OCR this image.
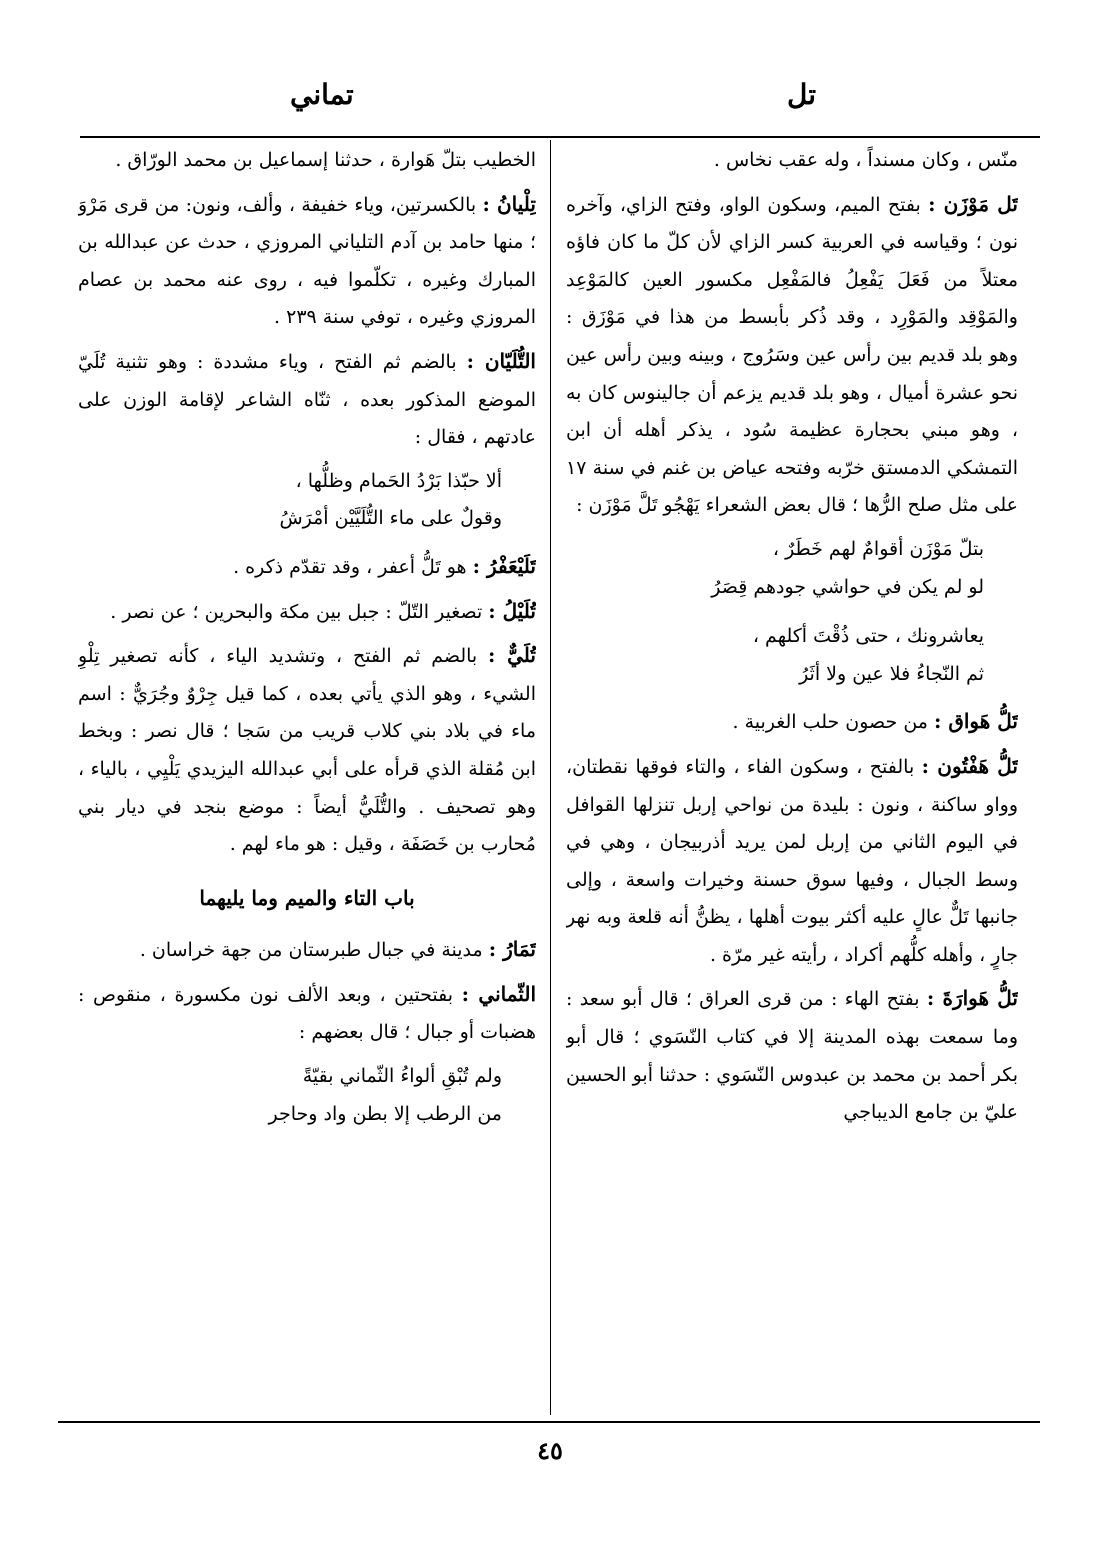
تل
تماني

منّس ، وكان مسنداً ، وله عقب نخاس .

تَل مَوْزَن : بفتح الميم، وسكون الواو، وفتح الزاي، وآخره نون ؛ وقياسه في العربية كسر الزاي لأن كلّ ما كان فاؤه معتلاً من فَعَلَ يَفْعِلُ فالمَفْعِل مكسور العين كالمَوْعِد والمَوْقِد والمَوْرِد ، وقد ذُكر بأبسط من هذا في مَوْزَق : وهو بلد قديم بين رأس عين وسَرُوج ، وبينه وبين رأس عين نحو عشرة أميال ، وهو بلد قديم يزعم أن جالينوس كان به ، وهو مبني بحجارة عظيمة سُود ، يذكر أهله أن ابن التمشكي الدمستق خرّبه وفتحه عياض بن غنم في سنة ١٧ على مثل صلح الرُّها ؛ قال بعض الشعراء يَهْجُو تَلَّ مَوْزَن :

بتلّ مَوْزَن أقوامٌ لهم خَطَرٌ ،

لو لم يكن في حواشي جودهم قِصَرُ

يعاشرونك ، حتى ذُقْتَ أكلهم ،

ثم النّجاءُ فلا عين ولا أثَرُ

تَلُّ هَواق : من حصون حلب الغربية .

تَلُّ هَفْتُون : بالفتح ، وسكون الفاء ، والتاء فوقها نقطتان، وواو ساكنة ، ونون : بليدة من نواحي إربل تنزلها القوافل في اليوم الثاني من إربل لمن يريد أذربيجان ، وهي في وسط الجبال ، وفيها سوق حسنة وخيرات واسعة ، وإلى جانبها تَلٌّ عالٍ عليه أكثر بيوت أهلها ، يظنُّ أنه قلعة وبه نهر جارٍ ، وأهله كلُّهم أكراد ، رأيته غير مرّة .

تَلُّ هَوارَةَ : بفتح الهاء : من قرى العراق ؛ قال أبو سعد : وما سمعت بهذه المدينة إلا في كتاب النّسَوي ؛ قال أبو بكر أحمد بن محمد بن عبدوس النّسَوي : حدثنا أبو الحسين عليّ بن جامع الديباجي

الخطيب بتلّ هَوارة ، حدثنا إسماعيل بن محمد الورّاق .

تِلْيانُ : بالكسرتين، وياء خفيفة ، وألف، ونون: من قرى مَرْوَ ؛ منها حامد بن آدم التلياني المروزي ، حدث عن عبدالله بن المبارك وغيره ، تكلّموا فيه ، روى عنه محمد بن عصام المروزي وغيره ، توفي سنة ٢٣٩ .

التُّلَيّان : بالضم ثم الفتح ، وياء مشددة : وهو تثنية تُلَيّ الموضع المذكور بعده ، ثنّاه الشاعر لإقامة الوزن على عادتهم ، فقال :

ألا حبّذا بَرْدُ الحَمام وظلُّها ،

وقولٌ على ماء التُّلَيَّيْن أمْرَشُ

تَلَيْعَفْرُ : هو تَلُّ أعفر ، وقد تقدّم ذكره .

تُلَيْلُ : تصغير التّلّ : جبل بين مكة والبحرين ؛ عن نصر .

تُلَيٌّ : بالضم ثم الفتح ، وتشديد الياء ، كأنه تصغير تِلْوِ الشيء ، وهو الذي يأتي بعده ، كما قيل جِرْوٌ وجُرَيٌّ : اسم ماء في بلاد بني كلاب قريب من سَجا ؛ قال نصر : وبخط ابن مُقلة الذي قرأه على أبي عبدالله اليزيدي يَلْيِي ، بالياء ، وهو تصحيف . والتُّلَيُّ أيضاً : موضع بنجد في ديار بني مُحارب بن خَصَفَة ، وقيل : هو ماء لهم .

باب التاء والميم وما يليهما

تَمَارُ : مدينة في جبال طبرستان من جهة خراسان .

الثّماني : بفتحتين ، وبعد الألف نون مكسورة ، منقوص : هضبات أو جبال ؛ قال بعضهم :

ولم تُبْقِ ألواءُ الثّماني بقيّةً

من الرطب إلا بطن واد وحاجر

٤٥
